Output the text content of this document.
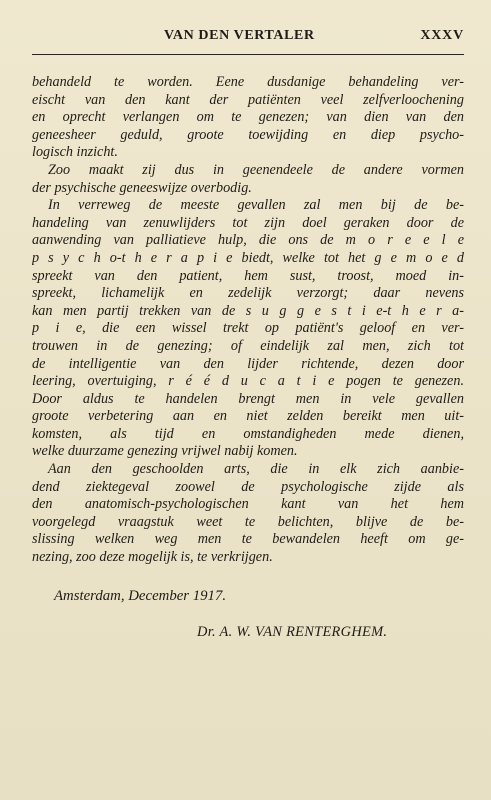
VAN DEN VERTALER	XXXV
behandeld te worden. Eene dusdanige behandeling ver-
eischt van den kant der patiënten veel zelfverloochening
en oprecht verlangen om te genezen; van dien van den
geneesheer geduld, groote toewijding en diep psycho-
logisch inzicht.
Zoo maakt zij dus in geenendeele de andere vormen
der psychische geneeswijze overbodig.
In verreweg de meeste gevallen zal men bij de be-
handeling van zenuwlijders tot zijn doel geraken door de
aanwending van palliatieve hulp, die ons de m o r e e l e
p s y c h o-t h e r a p i e biedt, welke tot het g e m o e d
spreekt van den patient, hem sust, troost, moed in-
spreekt, lichamelijk en zedelijk verzorgt; daar nevens
kan men partij trekken van de s u g g e s t i e-t h e r a-
p i e, die een wissel trekt op patiënt's geloof en ver-
trouwen in de genezing; of eindelijk zal men, zich tot
de intelligentie van den lijder richtende, dezen door
leering, overtuiging, r é é d u c a t i e pogen te genezen.
Door aldus te handelen brengt men in vele gevallen
groote verbetering aan en niet zelden bereikt men uit-
komsten, als tijd en omstandigheden mede dienen,
welke duurzame genezing vrijwel nabij komen.
Aan den geschoolden arts, die in elk zich aanbie-
dend ziektegeval zoowel de psychologische zijde als
den anatomisch-psychologischen kant van het hem
voorgelegd vraagstuk weet te belichten, blijve de be-
slissing welken weg men te bewandelen heeft om ge-
nezing, zoo deze mogelijk is, te verkrijgen.
Amsterdam, December 1917.
Dr. A. W. VAN RENTERGHEM.
